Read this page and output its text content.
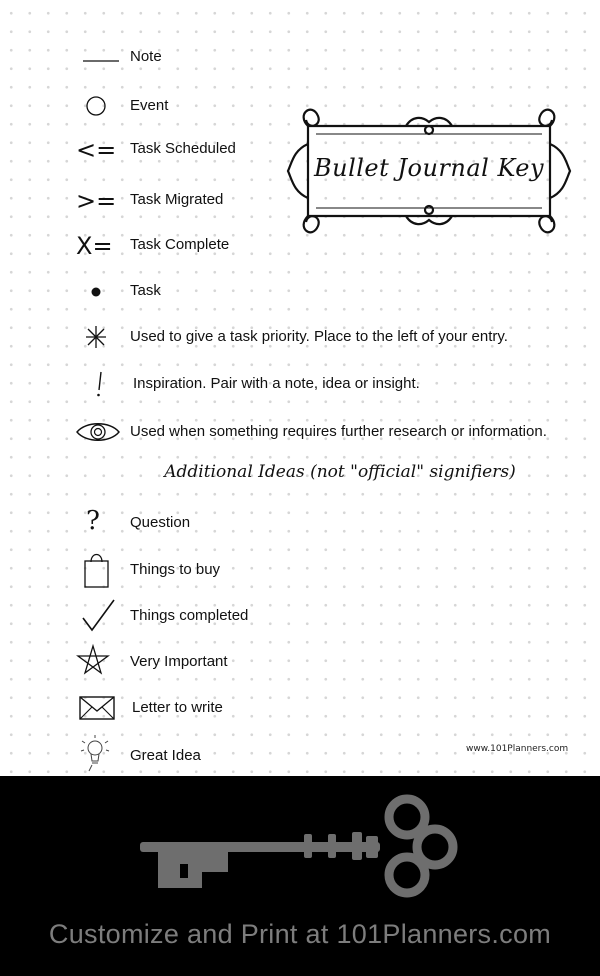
Bullet Journal Key
Note
Event
<= Task Scheduled
>= Task Migrated
X= Task Complete
Task
Used to give a task priority. Place to the left of your entry.
Inspiration. Pair with a note, idea or insight.
Used when something requires further research or information.
Additional Ideas (not "official" signifiers)
? Question
Things to buy
Things completed
Very Important
Letter to write
Great Idea	www.101Planners.com
Customize and Print at 101Planners.com
